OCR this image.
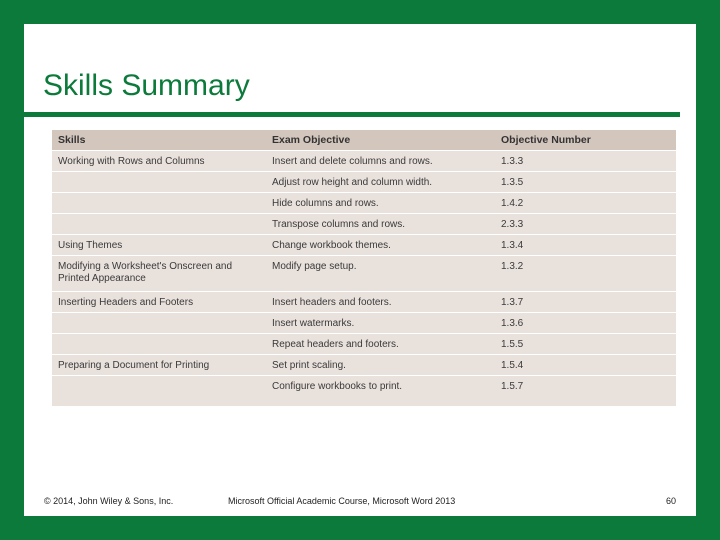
Skills Summary
Skills	Exam Objective	Objective Number
Working with Rows and Columns	Insert and delete columns and rows.	1.3.3
	Adjust row height and column width.	1.3.5
	Hide columns and rows.	1.4.2
	Transpose columns and rows.	2.3.3
Using Themes	Change workbook themes.	1.3.4
Modifying a Worksheet's Onscreen and Printed Appearance	Modify page setup.	1.3.2
Inserting Headers and Footers	Insert headers and footers.	1.3.7
	Insert watermarks.	1.3.6
	Repeat headers and footers.	1.5.5
Preparing a Document for Printing	Set print scaling.	1.5.4
	Configure workbooks to print.	1.5.7
© 2014, John Wiley & Sons, Inc.	Microsoft Official Academic Course, Microsoft Word 2013	60
